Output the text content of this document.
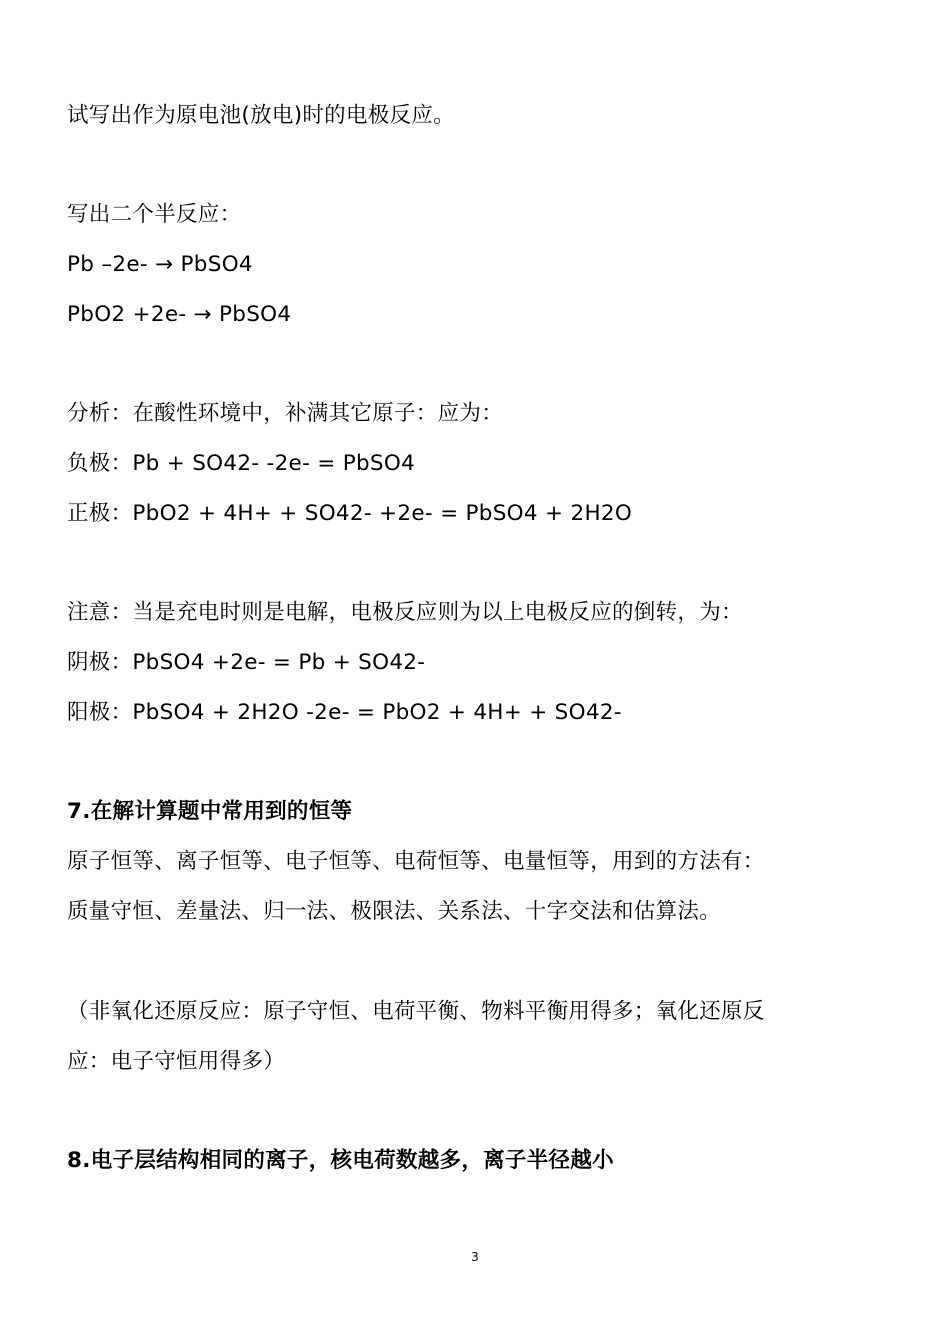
试写出作为原电池(放电)时的电极反应。
写出二个半反应：
Pb –2e- → PbSO4
PbO2 +2e- → PbSO4
分析：在酸性环境中，补满其它原子：应为：
负极：Pb + SO42- -2e- = PbSO4
正极：PbO2 + 4H+ + SO42- +2e- = PbSO4 + 2H2O
注意：当是充电时则是电解，电极反应则为以上电极反应的倒转，为：
阴极：PbSO4 +2e- = Pb + SO42-
阳极：PbSO4 + 2H2O -2e- = PbO2 + 4H+ + SO42-
7.在解计算题中常用到的恒等
原子恒等、离子恒等、电子恒等、电荷恒等、电量恒等，用到的方法有：
质量守恒、差量法、归一法、极限法、关系法、十字交法和估算法。
（非氧化还原反应：原子守恒、电荷平衡、物料平衡用得多；氧化还原反
应：电子守恒用得多）
8.电子层结构相同的离子，核电荷数越多，离子半径越小
3
